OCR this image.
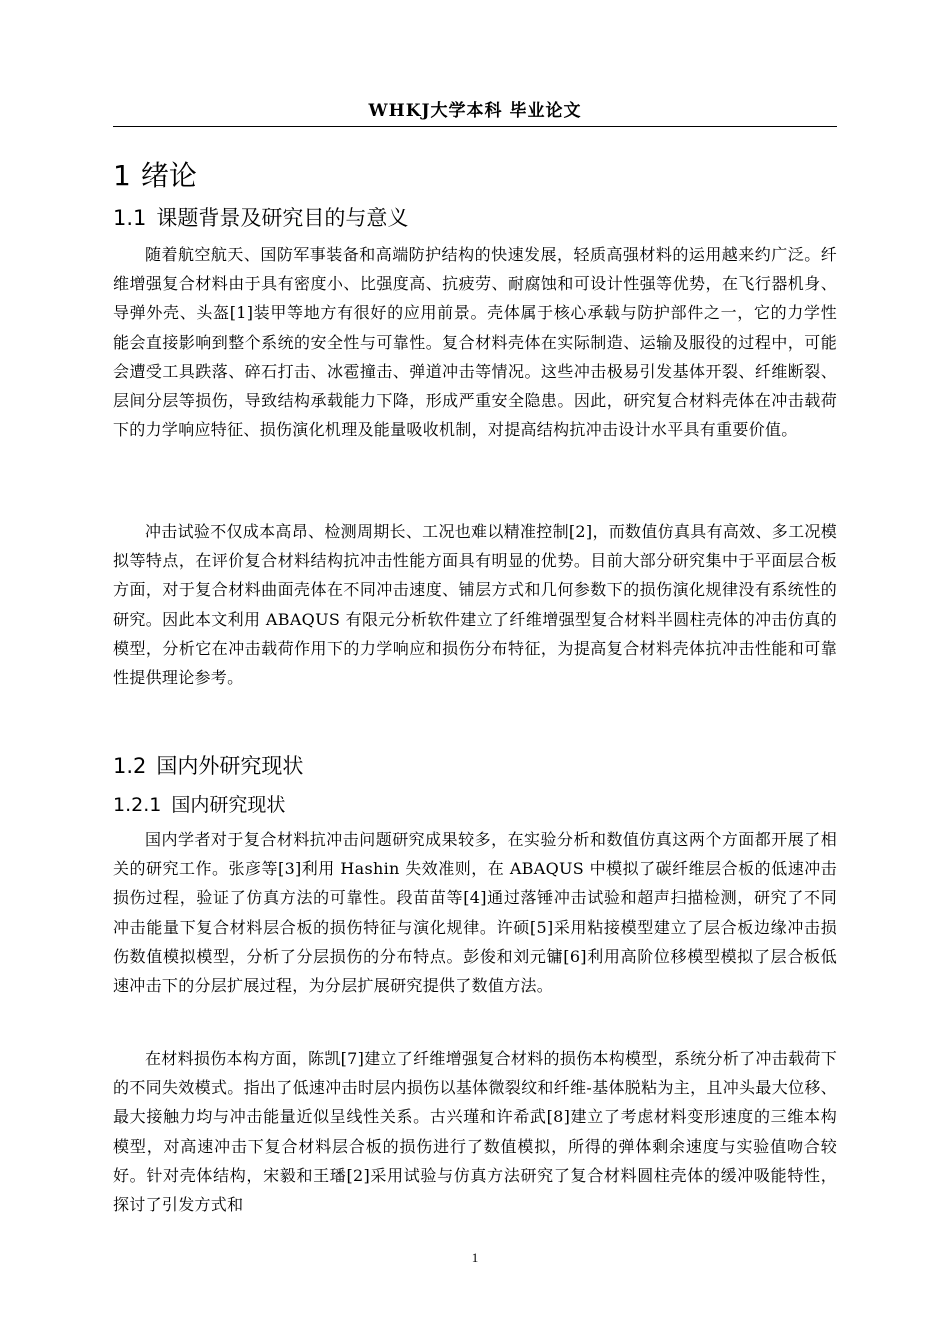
WHKJ大学本科 毕业论文
1 绪论
1.1 课题背景及研究目的与意义

随着航空航天、国防军事装备和高端防护结构的快速发展，轻质高强材料的运用越来约广泛。纤维增强复合材料由于具有密度小、比强度高、抗疲劳、耐腐蚀和可设计性强等优势，在飞行器机身、导弹外壳、头盔[1]装甲等地方有很好的应用前景。壳体属于核心承载与防护部件之一，它的力学性能会直接影响到整个系统的安全性与可靠性。复合材料壳体在实际制造、运输及服役的过程中，可能会遭受工具跌落、碎石打击、冰雹撞击、弹道冲击等情况。这些冲击极易引发基体开裂、纤维断裂、层间分层等损伤，导致结构承载能力下降，形成严重安全隐患。因此，研究复合材料壳体在冲击载荷下的力学响应特征、损伤演化机理及能量吸收机制，对提高结构抗冲击设计水平具有重要价值。

冲击试验不仅成本高昂、检测周期长、工况也难以精准控制[2]，而数值仿真具有高效、多工况模拟等特点，在评价复合材料结构抗冲击性能方面具有明显的优势。目前大部分研究集中于平面层合板方面，对于复合材料曲面壳体在不同冲击速度、铺层方式和几何参数下的损伤演化规律没有系统性的研究。因此本文利用 ABAQUS 有限元分析软件建立了纤维增强型复合材料半圆柱壳体的冲击仿真的模型，分析它在冲击载荷作用下的力学响应和损伤分布特征，为提高复合材料壳体抗冲击性能和可靠性提供理论参考。

1.2 国内外研究现状
1.2.1 国内研究现状

国内学者对于复合材料抗冲击问题研究成果较多，在实验分析和数值仿真这两个方面都开展了相关的研究工作。张彦等[3]利用 Hashin 失效准则，在 ABAQUS 中模拟了碳纤维层合板的低速冲击损伤过程，验证了仿真方法的可靠性。段苗苗等[4]通过落锤冲击试验和超声扫描检测，研究了不同冲击能量下复合材料层合板的损伤特征与演化规律。许硕[5]采用粘接模型建立了层合板边缘冲击损伤数值模拟模型，分析了分层损伤的分布特点。彭俊和刘元镛[6]利用高阶位移模型模拟了层合板低速冲击下的分层扩展过程，为分层扩展研究提供了数值方法。

在材料损伤本构方面，陈凯[7]建立了纤维增强复合材料的损伤本构模型，系统分析了冲击载荷下的不同失效模式。指出了低速冲击时层内损伤以基体微裂纹和纤维-基体脱粘为主，且冲头最大位移、最大接触力均与冲击能量近似呈线性关系。古兴瑾和许希武[8]建立了考虑材料变形速度的三维本构模型，对高速冲击下复合材料层合板的损伤进行了数值模拟，所得的弹体剩余速度与实验值吻合较好。针对壳体结构，宋毅和王璠[2]采用试验与仿真方法研究了复合材料圆柱壳体的缓冲吸能特性，探讨了引发方式和

1
